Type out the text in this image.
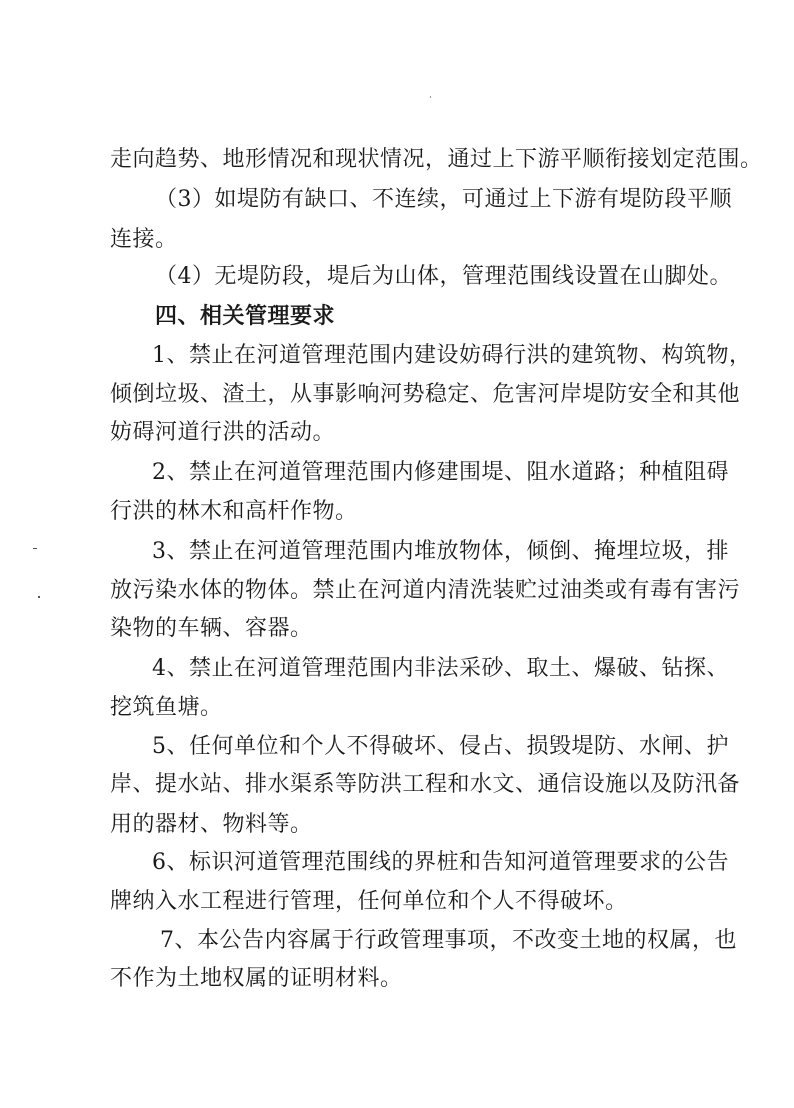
走向趋势、地形情况和现状情况，通过上下游平顺衔接划定范围。
（3）如堤防有缺口、不连续，可通过上下游有堤防段平顺
连接。
（4）无堤防段，堤后为山体，管理范围线设置在山脚处。
四、相关管理要求
1、禁止在河道管理范围内建设妨碍行洪的建筑物、构筑物，
倾倒垃圾、渣土，从事影响河势稳定、危害河岸堤防安全和其他
妨碍河道行洪的活动。
2、禁止在河道管理范围内修建围堤、阻水道路；种植阻碍
行洪的林木和高杆作物。
3、禁止在河道管理范围内堆放物体，倾倒、掩埋垃圾，排
放污染水体的物体。禁止在河道内清洗装贮过油类或有毒有害污
染物的车辆、容器。
4、禁止在河道管理范围内非法采砂、取土、爆破、钻探、
挖筑鱼塘。
5、任何单位和个人不得破坏、侵占、损毁堤防、水闸、护
岸、提水站、排水渠系等防洪工程和水文、通信设施以及防汛备
用的器材、物料等。
6、标识河道管理范围线的界桩和告知河道管理要求的公告
牌纳入水工程进行管理，任何单位和个人不得破坏。
7、本公告内容属于行政管理事项，不改变土地的权属，也
不作为土地权属的证明材料。
